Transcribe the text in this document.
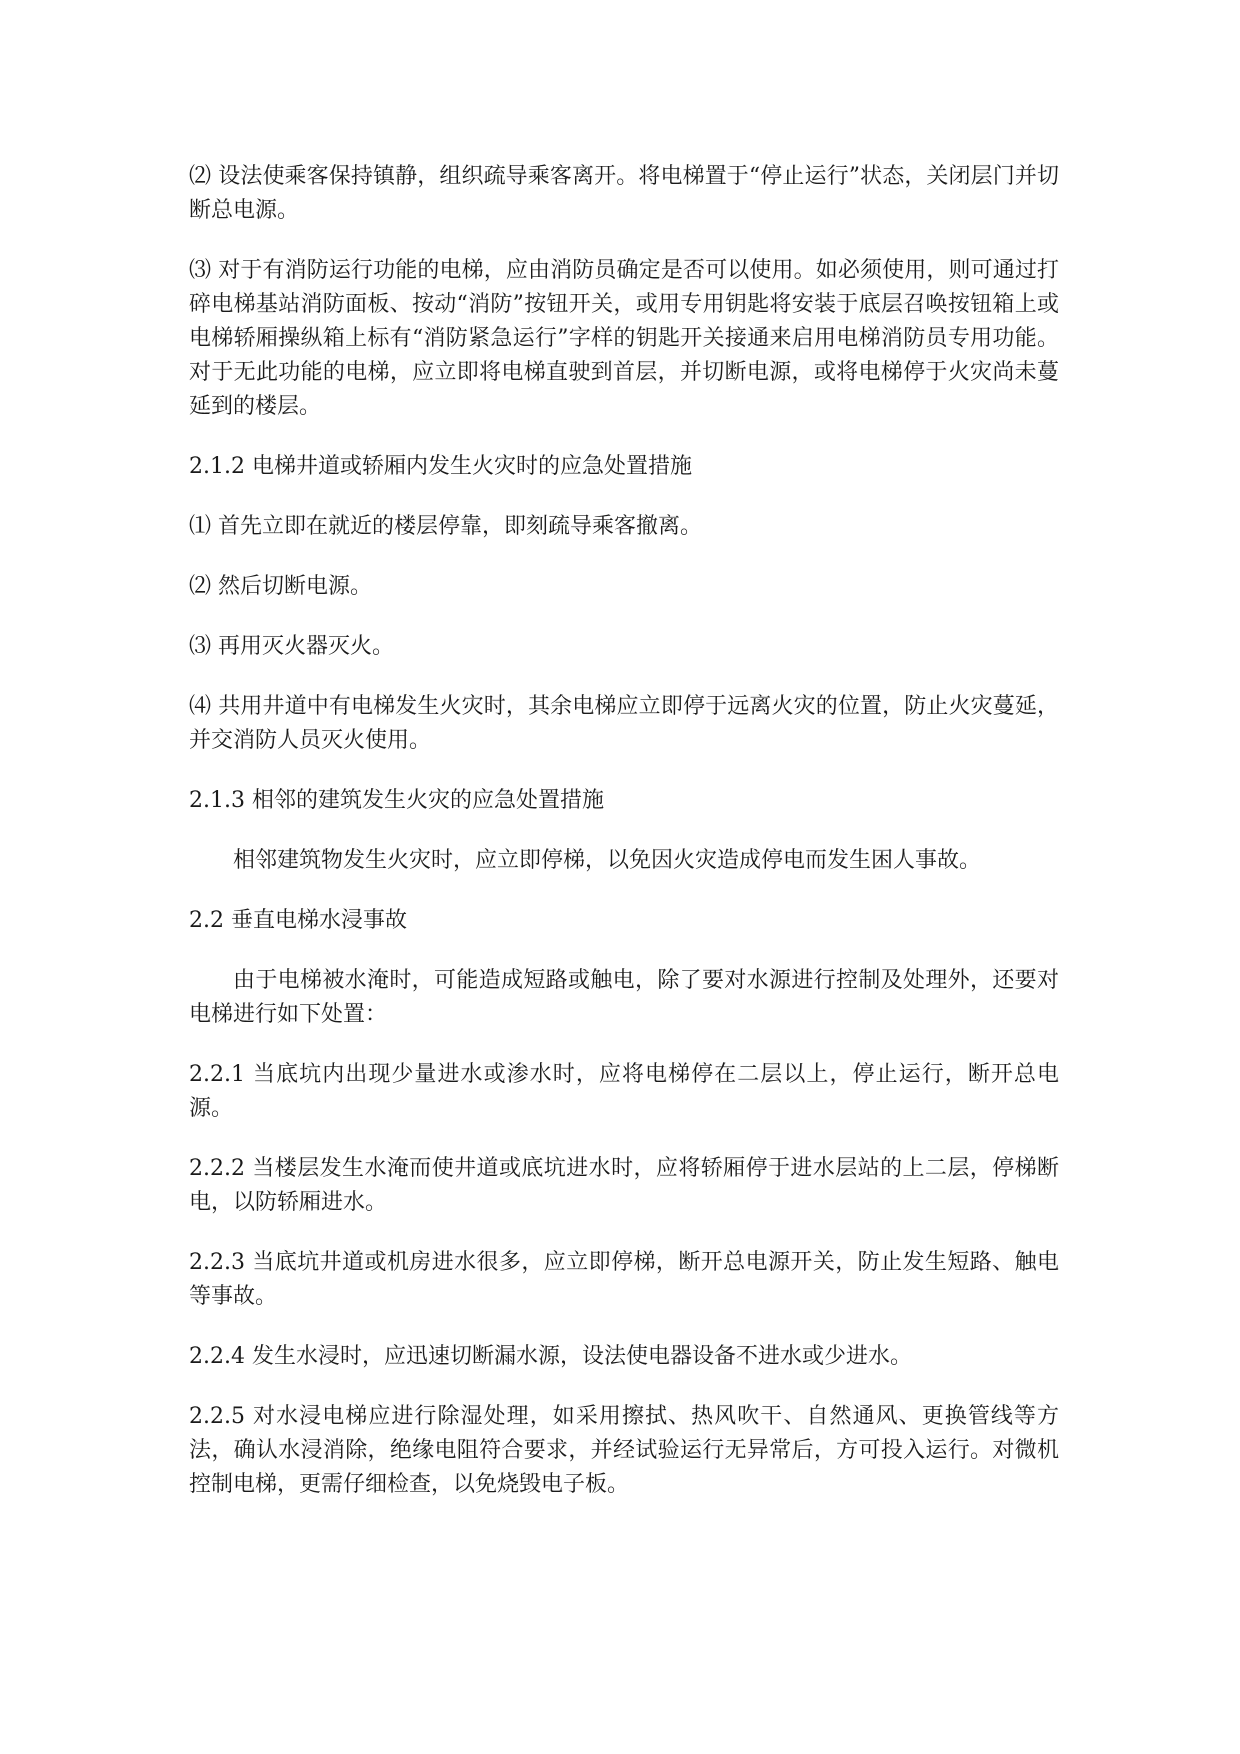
⑵ 设法使乘客保持镇静，组织疏导乘客离开。将电梯置于“停止运行”状态，关闭层门并切断总电源。

⑶ 对于有消防运行功能的电梯，应由消防员确定是否可以使用。如必须使用，则可通过打碎电梯基站消防面板、按动“消防”按钮开关，或用专用钥匙将安装于底层召唤按钮箱上或电梯轿厢操纵箱上标有“消防紧急运行”字样的钥匙开关接通来启用电梯消防员专用功能。对于无此功能的电梯，应立即将电梯直驶到首层，并切断电源，或将电梯停于火灾尚未蔓延到的楼层。

2.1.2 电梯井道或轿厢内发生火灾时的应急处置措施

⑴ 首先立即在就近的楼层停靠，即刻疏导乘客撤离。

⑵ 然后切断电源。

⑶ 再用灭火器灭火。

⑷ 共用井道中有电梯发生火灾时，其余电梯应立即停于远离火灾的位置，防止火灾蔓延，并交消防人员灭火使用。

2.1.3 相邻的建筑发生火灾的应急处置措施

相邻建筑物发生火灾时，应立即停梯，以免因火灾造成停电而发生困人事故。

2.2 垂直电梯水浸事故

由于电梯被水淹时，可能造成短路或触电，除了要对水源进行控制及处理外，还要对电梯进行如下处置：

2.2.1 当底坑内出现少量进水或渗水时，应将电梯停在二层以上，停止运行，断开总电源。

2.2.2 当楼层发生水淹而使井道或底坑进水时，应将轿厢停于进水层站的上二层，停梯断电，以防轿厢进水。

2.2.3 当底坑井道或机房进水很多，应立即停梯，断开总电源开关，防止发生短路、触电等事故。

2.2.4 发生水浸时，应迅速切断漏水源，设法使电器设备不进水或少进水。

2.2.5 对水浸电梯应进行除湿处理，如采用擦拭、热风吹干、自然通风、更换管线等方法，确认水浸消除，绝缘电阻符合要求，并经试验运行无异常后，方可投入运行。对微机控制电梯，更需仔细检查，以免烧毁电子板。
